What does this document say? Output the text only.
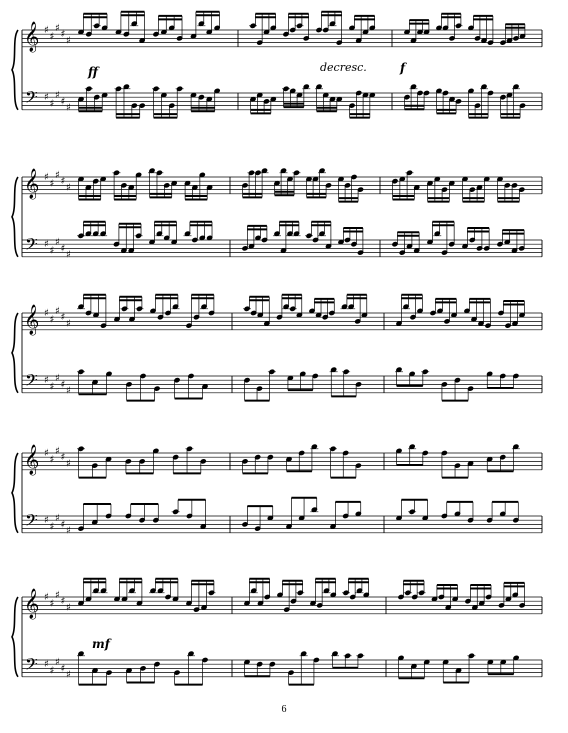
𝄞
𝄢
♯
♯
♯
♯
♯
♯
♯
♯
♯
♯
𝄞
𝄢
♯
♯
♯
♯
♯
♯
♯
♯
♯
♯
𝄞
𝄢
♯
♯
♯
♯
♯
♯
♯
♯
♯
♯
𝄞
𝄢
♯
♯
♯
♯
♯
♯
♯
♯
♯
♯
𝄞
𝄢
♯
♯
♯
♯
♯
♯
♯
♯
♯
♯
ff	decresc.	f
mf
6
